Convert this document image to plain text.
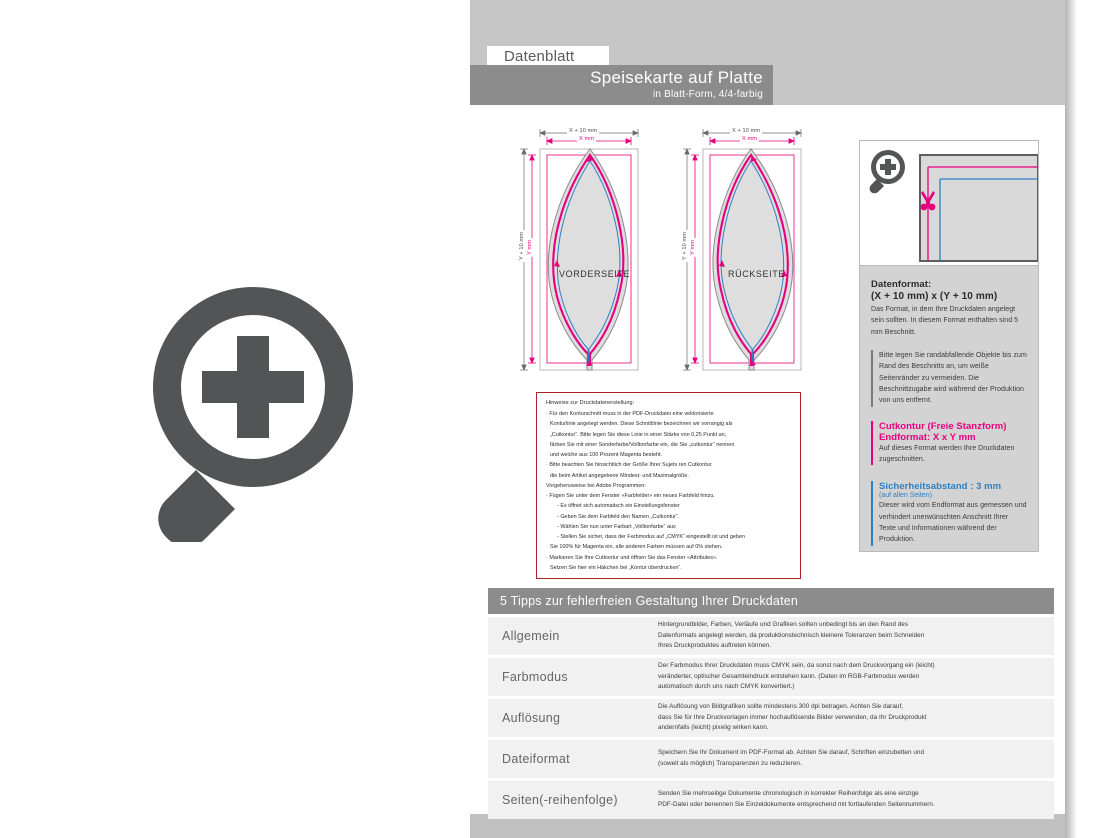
Datenblatt
Speisekarte auf Platte
in Blatt-Form, 4/4-farbig
X + 10 mm
X mm
Y + 10 mm Y mm
VORDERSEITE
X + 10 mm
X mm
Y + 10 mm Y mm
RÜCKSEITE
Hinweise zur Druckdatenerstellung:

· Für den Konturschnitt muss in der PDF-Druckdatei eine vektorisierte

Konturlinie angelegt werden. Diese Schnittlinie bezeichnen wir vorrangig als

„Cutkontur“. Bitte legen Sie diese Linie in einer Stärke von 0,25 Punkt an,

färben Sie mit einer Sonderfarbe/Volltonfarbe ein, die Sie „cutkontur“ nennen

und welche aus 100 Prozent Magenta besteht.

· Bitte beachten Sie hinsichtlich der Größe Ihrer Sujets ren Cutkontur

die beim Artikel angegebene Mindest- und Maximalgröße.

Vorgehensweise bei Adobe Programmen:

· Fügen Sie unter dem Fenster «Farbfelder» ein neues Farbfeld hinzu.

- Es öffnet sich automatisch ein Einstellungsfenster

- Geben Sie dem Farbfeld den Namen „Cutkontur“.

- Wählen Sie nun unter Farbart „Volltonfarbe“ aus

- Stellen Sie sicher, dass der Farbmodus auf „CMYK“ eingestellt ist und geben

Sie 100% für Magenta ein, alle anderen Farben müssen auf 0% stehen.

· Markieren Sie Ihre Cutkontur und öffnen Sie das Fenster «Attributes».

Setzen Sie hier ein Häkchen bei „Kontur überdrucken“.

Datenformat:
(X + 10 mm) x (Y + 10 mm)

Das Format, in dem Ihre Druckdaten angelegt sein sollten. In diesem Format enthalten sind 5 mm Beschnitt.

Bitte legen Sie randabfallende Objekte bis zum Rand des Beschnitts an, um weiße Seitenränder zu vermeiden. Die Beschnittzugabe wird während der Produktion von uns entfernt.

Cutkontur (Freie Stanzform)

Endformat: X x Y mm

Auf dieses Format werden Ihre Druckdaten zugeschnitten.

Sicherheitsabstand : 3 mm

(auf allen Seiten)

Dieser wird vom Endformat aus gemessen und verhindert unerwünschten Anschnitt Ihrer Texte und Informationen während der Produktion.

5 Tipps zur fehlerfreien Gestaltung Ihrer Druckdaten
Allgemein
Hintergrundbilder, Farben, Verläufe und Grafiken sollten unbedingt bis an den Rand des
Datenformats angelegt werden, da produktionstechnisch kleinere Toleranzen beim Schneiden
Ihres Druckproduktes auftreten können.
Farbmodus
Der Farbmodus Ihrer Druckdaten muss CMYK sein, da sonst nach dem Druckvorgang ein (leicht)
veränderter, optischer Gesamteindruck entstehen kann. (Daten im RGB-Farbmodus werden
automatisch durch uns nach CMYK konvertiert.)
Auflösung
Die Auflösung von Bildgrafiken sollte mindestens 300 dpi betragen. Achten Sie darauf,
dass Sie für Ihre Druckvorlagen immer hochauflösende Bilder verwenden, da Ihr Druckprodukt
andernfalls (leicht) pixelig wirken kann.
Dateiformat	Speichern Sie Ihr Dokument im PDF-Format ab. Achten Sie darauf, Schriften einzubetten und
(soweit als möglich) Transparenzen zu reduzieren.
Seiten(-reihenfolge)	Senden Sie mehrseitige Dokumente chronologisch in korrekter Reihenfolge als eine einzige
PDF-Datei oder benennen Sie Einzeldokumente entsprechend mit fortlaufenden Seitennummern.
